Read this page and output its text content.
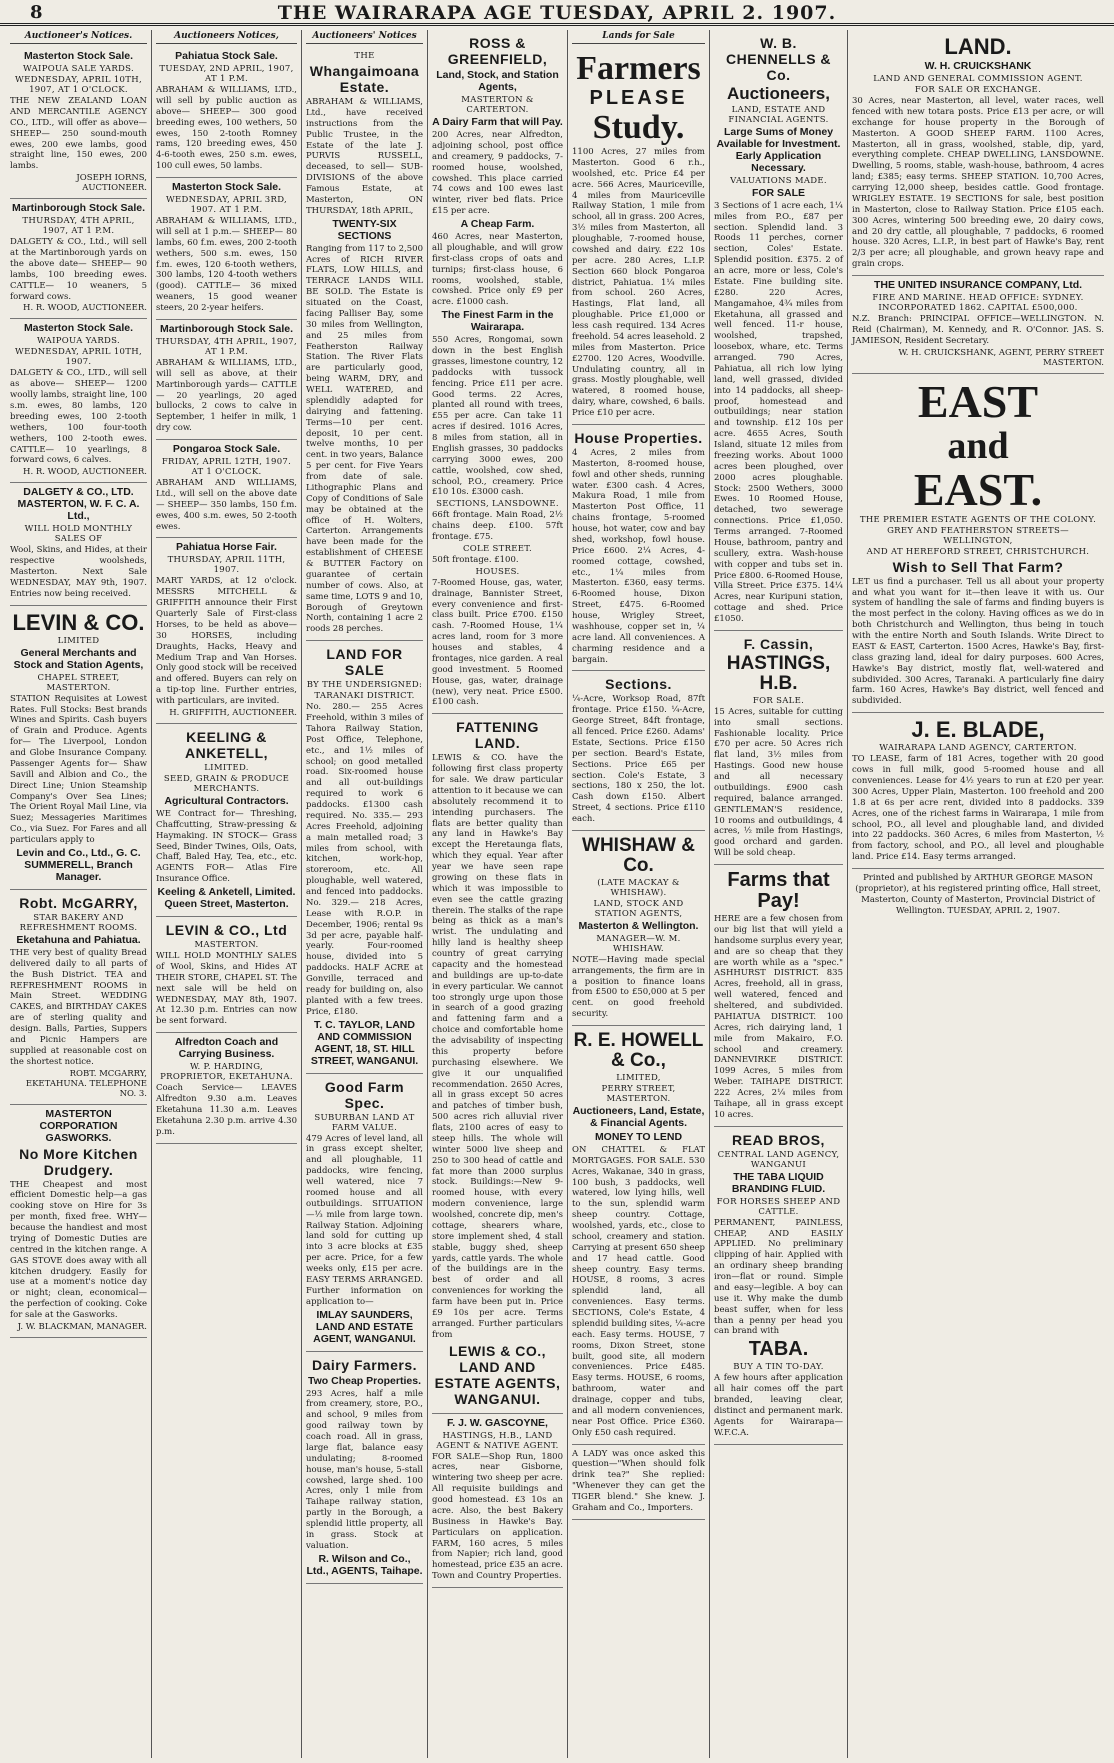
8	THE WAIRARAPA AGE TUESDAY, APRIL 2. 1907.
Auctioneer's Notices.
Masterton Stock Sale.
WAIPOUA SALE YARDS.
WEDNESDAY, APRIL 10TH, 1907, AT 1 O'CLOCK.

THE NEW ZEALAND LOAN AND MERCANTILE AGENCY CO., LTD., will offer as above— SHEEP— 250 sound-mouth ewes, 200 ewe lambs, good straight line, 150 ewes, 200 lambs.

JOSEPH IORNS, AUCTIONEER.
Martinborough Stock Sale.
THURSDAY, 4TH APRIL, 1907, AT 1 P.M.

DALGETY & CO., Ltd., will sell at the Martinborough yards on the above date— SHEEP— 90 lambs, 100 breeding ewes. CATTLE— 10 weaners, 5 forward cows.

H. R. WOOD, AUCTIONEER.
Masterton Stock Sale.
WAIPOUA YARDS.
WEDNESDAY, APRIL 10TH, 1907.

DALGETY & CO., LTD., will sell as above— SHEEP— 1200 woolly lambs, straight line, 100 s.m. ewes, 80 lambs, 120 breeding ewes, 100 2-tooth wethers, 100 four-tooth wethers, 100 2-tooth ewes. CATTLE— 10 yearlings, 8 forward cows, 6 calves.

H. R. WOOD, AUCTIONEER.
DALGETY & CO., LTD. MASTERTON, W. F. C. A. Ltd.,
WILL HOLD MONTHLY SALES OF

Wool, Skins, and Hides, at their respective woolsheds, Masterton. Next Sale WEDNESDAY, MAY 9th, 1907. Entries now being received.

LEVIN & CO.
LIMITED
General Merchants and Stock and Station Agents,
CHAPEL STREET, MASTERTON.

STATION Requisites at Lowest Rates. Full Stocks: Best brands Wines and Spirits. Cash buyers of Grain and Produce. Agents for— The Liverpool, London and Globe Insurance Company. Passenger Agents for— Shaw Savill and Albion and Co., the Direct Line; Union Steamship Company's Over Sea Lines; The Orient Royal Mail Line, via Suez; Messageries Maritimes Co., via Suez. For Fares and all particulars apply to

Levin and Co., Ltd., G. C. SUMMERELL, Branch Manager.
Robt. McGARRY,
STAR BAKERY AND REFRESHMENT ROOMS.
Eketahuna and Pahiatua.

THE very best of quality Bread delivered daily to all parts of the Bush District. TEA and REFRESHMENT ROOMS in Main Street. WEDDING CAKES, and BIRTHDAY CAKES are of sterling quality and design. Balls, Parties, Suppers and Picnic Hampers are supplied at reasonable cost on the shortest notice.

ROBT. MCGARRY, EKETAHUNA. TELEPHONE NO. 3.
MASTERTON CORPORATION GASWORKS.
No More Kitchen Drudgery.

THE Cheapest and most efficient Domestic help—a gas cooking stove on Hire for 3s per month, fixed free. WHY—because the handiest and most trying of Domestic Duties are centred in the kitchen range. A GAS STOVE does away with all kitchen drudgery. Easily for use at a moment's notice day or night; clean, economical—the perfection of cooking. Coke for sale at the Gasworks.

J. W. BLACKMAN, MANAGER.
Auctioneers Notices,
Pahiatua Stock Sale.
TUESDAY, 2ND APRIL, 1907, AT 1 P.M.

ABRAHAM & WILLIAMS, LTD., will sell by public auction as above— SHEEP— 300 good breeding ewes, 100 wethers, 50 ewes, 150 2-tooth Romney rams, 120 breeding ewes, 450 4-6-tooth ewes, 250 s.m. ewes, 100 cull ewes, 50 lambs.

Masterton Stock Sale.
WEDNESDAY, APRIL 3RD, 1907. AT 1 P.M.

ABRAHAM & WILLIAMS, LTD., will sell at 1 p.m.— SHEEP— 80 lambs, 60 f.m. ewes, 200 2-tooth wethers, 500 s.m. ewes, 150 f.m. ewes, 120 6-tooth wethers, 300 lambs, 120 4-tooth wethers (good). CATTLE— 36 mixed weaners, 15 good weaner steers, 20 2-year heifers.

Martinborough Stock Sale.
THURSDAY, 4TH APRIL, 1907, AT 1 P.M.

ABRAHAM & WILLIAMS, LTD., will sell as above, at their Martinborough yards— CATTLE— 20 yearlings, 20 aged bullocks, 2 cows to calve in September, 1 heifer in milk, 1 dry cow.

Pongaroa Stock Sale.
FRIDAY, APRIL 12TH, 1907. AT 1 O'CLOCK.

ABRAHAM AND WILLIAMS, Ltd., will sell on the above date— SHEEP— 350 lambs, 150 f.m. ewes, 400 s.m. ewes, 50 2-tooth ewes.

Pahiatua Horse Fair.
THURSDAY, APRIL 11TH, 1907.

MART YARDS, at 12 o'clock. MESSRS MITCHELL & GRIFFITH announce their First Quarterly Sale of First-class Horses, to be held as above— 30 HORSES, including Draughts, Hacks, Heavy and Medium Trap and Van Horses. Only good stock will be received and offered. Buyers can rely on a tip-top line. Further entries, with particulars, are invited.

H. GRIFFITH, AUCTIONEER.
KEELING & ANKETELL,
LIMITED.
SEED, GRAIN & PRODUCE MERCHANTS.
Agricultural Contractors.

WE Contract for— Threshing, Chaffcutting, Straw-pressing & Haymaking. IN STOCK— Grass Seed, Binder Twines, Oils, Oats, Chaff, Baled Hay, Tea, etc., etc. AGENTS FOR— Atlas Fire Insurance Office.

Keeling & Anketell, Limited. Queen Street, Masterton.
LEVIN & CO., Ltd
MASTERTON.

WILL HOLD MONTHLY SALES of Wool, Skins, and Hides AT THEIR STORE, CHAPEL ST. The next sale will be held on WEDNESDAY, MAY 8th, 1907. At 12.30 p.m. Entries can now be sent forward.

Alfredton Coach and Carrying Business.
W. P. HARDING, PROPRIETOR, EKETAHUNA.

Coach Service— LEAVES Alfredton 9.30 a.m. Leaves Eketahuna 11.30 a.m. Leaves Eketahuna 2.30 p.m. arrive 4.30 p.m.

Auctioneers' Notices
THE
Whangaimoana Estate.

ABRAHAM & WILLIAMS, Ltd., have received instructions from the Public Trustee, in the Estate of the late J. PURVIS RUSSELL, deceased, to sell— SUB-DIVISIONS of the above Famous Estate, at Masterton, ON THURSDAY, 18th APRIL,

TWENTY-SIX SECTIONS

Ranging from 117 to 2,500 Acres of RICH RIVER FLATS, LOW HILLS, and TERRACE LANDS WILL BE SOLD. The Estate is situated on the Coast, facing Palliser Bay, some 30 miles from Wellington, and 25 miles from Featherston Railway Station. The River Flats are particularly good, being WARM, DRY, and WELL WATERED, and splendidly adapted for dairying and fattening. Terms—10 per cent. deposit, 10 per cent. twelve months, 10 per cent. in two years, Balance 5 per cent. for Five Years from date of sale. Lithographic Plans and Copy of Conditions of Sale may be obtained at the office of H. Wolters, Carterton. Arrangements have been made for the establishment of CHEESE & BUTTER Factory on guarantee of certain number of cows. Also, at same time, LOTS 9 and 10, Borough of Greytown North, containing 1 acre 2 roods 28 perches.

LAND FOR SALE
BY THE UNDERSIGNED:
TARANAKI DISTRICT.

No. 280.— 255 Acres Freehold, within 3 miles of Tahora Railway Station, Post Office, Telephone, etc., and 1½ miles of school; on good metalled road. Six-roomed house and all out-buildings required to work 6 paddocks. £1300 cash required. No. 335.— 293 Acres Freehold, adjoining a main metalled road; 3 miles from school, with kitchen, work-hop, storeroom, etc. All ploughable, well watered, and fenced into paddocks. No. 329.— 218 Acres, Lease with R.O.P. in December, 1906; rental 9s 3d per acre, payable half-yearly. Four-roomed house, divided into 5 paddocks. HALF ACRE at Gonville, terraced and ready for building on, also planted with a few trees. Price, £180.

T. C. TAYLOR, LAND AND COMMISSION AGENT, 18, ST. HILL STREET, WANGANUI.
Good Farm Spec.
SUBURBAN LAND AT FARM VALUE.

479 Acres of level land, all in grass except shelter, and all ploughable, 11 paddocks, wire fencing, well watered, nice 7 roomed house and all outbuildings. SITUATION—⅓ mile from large town. Railway Station. Adjoining land sold for cutting up into 3 acre blocks at £35 per acre. Price, for a few weeks only, £15 per acre. EASY TERMS ARRANGED. Further information on application to—

IMLAY SAUNDERS, LAND AND ESTATE AGENT, WANGANUI.
Dairy Farmers.
Two Cheap Properties.

293 Acres, half a mile from creamery, store, P.O., and school, 9 miles from good railway town by coach road. All in grass, large flat, balance easy undulating; 8-roomed house, man's house, 5-stall cowshed, large shed. 100 Acres, only 1 mile from Taihape railway station, partly in the Borough, a splendid little property, all in grass. Stock at valuation.

R. Wilson and Co., Ltd., AGENTS, Taihape.
ROSS & GREENFIELD,
Land, Stock, and Station Agents,
MASTERTON & CARTERTON.
A Dairy Farm that will Pay.

200 Acres, near Alfredton, adjoining school, post office and creamery, 9 paddocks, 7-roomed house, woolshed, cowshed. This place carried 74 cows and 100 ewes last winter, river bed flats. Price £15 per acre.

A Cheap Farm.

460 Acres, near Masterton, all ploughable, and will grow first-class crops of oats and turnips; first-class house, 6 rooms, woolshed, stable, cowshed. Price only £9 per acre. £1000 cash.

The Finest Farm in the Wairarapa.

550 Acres, Rongomai, sown down in the best English grasses, limestone country, 12 paddocks with tussock fencing. Price £11 per acre. Good terms. 22 Acres, planted all round with trees, £55 per acre. Can take 11 acres if desired. 1016 Acres, 8 miles from station, all in English grasses, 30 paddocks carrying 3000 ewes, 200 cattle, woolshed, cow shed, school, P.O., creamery. Price £10 10s. £3000 cash.

SECTIONS, LANSDOWNE.

66ft frontage. Main Road, 2½ chains deep. £100. 57ft frontage. £75.

COLE STREET.

50ft frontage. £100.

HOUSES.

7-Roomed House, gas, water, drainage, Bannister Street, every convenience and first-class built. Price £700. £150 cash. 7-Roomed House, 1¼ acres land, room for 3 more houses and stables, 4 frontages, nice garden. A real good investment. 5 Roomed House, gas, water, drainage (new), very neat. Price £500. £100 cash.

FATTENING LAND.

LEWIS & CO. have the following first class property for sale. We draw particular attention to it because we can absolutely recommend it to intending purchasers. The flats are better quality than any land in Hawke's Bay except the Heretaunga flats, which they equal. Year after year we have seen rape growing on these flats in which it was impossible to even see the cattle grazing therein. The stalks of the rape being as thick as a man's wrist. The undulating and hilly land is healthy sheep country of great carrying capacity and the homestead and buildings are up-to-date in every particular. We cannot too strongly urge upon those in search of a good grazing and fattening farm and a choice and comfortable home the advisability of inspecting this property before purchasing elsewhere. We give it our unqualified recommendation. 2650 Acres, all in grass except 50 acres and patches of timber bush, 500 acres rich alluvial river flats, 2100 acres of easy to steep hills. The whole will winter 5000 live sheep and 250 to 300 head of cattle and fat more than 2000 surplus stock. Buildings:—New 9-roomed house, with every modern convenience, large woolshed, concrete dip, men's cottage, shearers whare, store implement shed, 4 stall stable, buggy shed, sheep yards, cattle yards. The whole of the buildings are in the best of order and all conveniences for working the farm have been put in. Price £9 10s per acre. Terms arranged. Further particulars from

LEWIS & CO., LAND AND ESTATE AGENTS, WANGANUI.
F. J. W. GASCOYNE,
HASTINGS, H.B., LAND AGENT & NATIVE AGENT.

FOR SALE—Shop Run, 1800 acres, near Gisborne, wintering two sheep per acre. All requisite buildings and good homestead. £3 10s an acre. Also, the best Bakery Business in Hawke's Bay. Particulars on application. FARM, 160 acres, 5 miles from Napier; rich land, good homestead, price £35 an acre. Town and Country Properties.

Lands for Sale
Farmers
PLEASE
Study.

1100 Acres, 27 miles from Masterton. Good 6 r.h., woolshed, etc. Price £4 per acre. 566 Acres, Mauriceville, 4 miles from Mauriceville Railway Station, 1 mile from school, all in grass. 200 Acres, 3½ miles from Masterton, all ploughable, 7-roomed house, cowshed and dairy. £22 10s per acre. 280 Acres, L.I.P. Section 660 block Pongaroa district, Pahiatua. 1¼ miles from school. 260 Acres, Hastings, Flat land, all ploughable. Price £1,000 or less cash required. 134 Acres freehold. 54 acres leasehold. 2 miles from Masterton. Price £2700. 120 Acres, Woodville. Undulating country, all in grass. Mostly ploughable, well watered, 8 roomed house, dairy, whare, cowshed, 6 bails. Price £10 per acre.

House Properties.

4 Acres, 2 miles from Masterton, 8-roomed house, fowl and other sheds, running water. £300 cash. 4 Acres, Makura Road, 1 mile from Masterton Post Office, 11 chains frontage, 5-roomed house, hot water, cow and bay shed, workshop, fowl house. Price £600. 2¼ Acres, 4-roomed cottage, cowshed, etc., 1¼ miles from Masterton. £360, easy terms. 6-Roomed house, Dixon Street, £475. 6-Roomed house, Wrigley Street, washhouse, copper set in, ¼ acre land. All conveniences. A charming residence and a bargain.

Sections.

¼-Acre, Worksop Road, 87ft frontage. Price £150. ¼-Acre, George Street, 84ft frontage, all fenced. Price £260. Adams' Estate, Sections. Price £150 per section. Beard's Estate, Sections. Price £65 per section. Cole's Estate, 3 sections, 180 x 250, the lot. Cash down £150. Albert Street, 4 sections. Price £110 each.

WHISHAW & Co.
(LATE MACKAY & WHISHAW).
LAND, STOCK AND STATION AGENTS,
Masterton & Wellington.
MANAGER—W. M. WHISHAW.

NOTE—Having made special arrangements, the firm are in a position to finance loans from £500 to £50,000 at 5 per cent. on good freehold security.

R. E. HOWELL & Co.,
LIMITED,
PERRY STREET, MASTERTON.
Auctioneers, Land, Estate, & Financial Agents.
MONEY TO LEND

ON CHATTEL & FLAT MORTGAGES. FOR SALE. 530 Acres, Wakanae, 340 in grass, 100 bush, 3 paddocks, well watered, low lying hills, well to the sun, splendid warm sheep country. Cottage, woolshed, yards, etc., close to school, creamery and station. Carrying at present 650 sheep and 17 head cattle. Good sheep country. Easy terms. HOUSE, 8 rooms, 3 acres splendid land, all conveniences. Easy terms. SECTIONS, Cole's Estate, 4 splendid building sites, ¼-acre each. Easy terms. HOUSE, 7 rooms, Dixon Street, stone built, good site, all modern conveniences. Price £485. Easy terms. HOUSE, 6 rooms, bathroom, water and drainage, copper and tubs, and all modern conveniences, near Post Office. Price £360. Only £50 cash required.

A LADY was once asked this question—"When should folk drink tea?" She replied: "Whenever they can get the TIGER blend." She knew. J. Graham and Co., Importers.

W. B. CHENNELLS & Co.
Auctioneers,
LAND, ESTATE AND FINANCIAL AGENTS.
Large Sums of Money Available for Investment. Early Application Necessary.
VALUATIONS MADE.
FOR SALE

3 Sections of 1 acre each, 1¼ miles from P.O., £87 per section. Splendid land. 3 Roods 11 perches, corner section, Coles' Estate. Splendid position. £375. 2 of an acre, more or less, Cole's Estate. Fine building site. £280. 220 Acres, Mangamahoe, 4¾ miles from Eketahuna, all grassed and well fenced. 11-r house, woolshed, trapshed, loosebox, whare, etc. Terms arranged. 790 Acres, Pahiatua, all rich low lying land, well grassed, divided into 14 paddocks, all sheep-proof, homestead and outbuildings; near station and township. £12 10s per acre. 4655 Acres, South Island, situate 12 miles from freezing works. About 1000 acres been ploughed, over 2000 acres ploughable. Stock: 2500 Wethers, 3000 Ewes. 10 Roomed House, detached, two sewerage connections. Price £1,050. Terms arranged. 7-Roomed House, bathroom, pantry and scullery, extra. Wash-house with copper and tubs set in. Price £800. 6-Roomed House, Villa Street. Price £375. 14¼ Acres, near Kuripuni station, cottage and shed. Price £1050.

F. Cassin,
HASTINGS, H.B.
FOR SALE.

15 Acres, suitable for cutting into small sections. Fashionable locality. Price £70 per acre. 50 Acres rich flat land, 3½ miles from Hastings. Good new house and all necessary outbuildings. £900 cash required, balance arranged. GENTLEMAN'S residence, 10 rooms and outbuildings, 4 acres, ½ mile from Hastings, good orchard and garden. Will be sold cheap.

Farms that Pay!

HERE are a few chosen from our big list that will yield a handsome surplus every year, and are so cheap that they are worth while as a "spec." ASHHURST DISTRICT. 835 Acres, freehold, all in grass, well watered, fenced and sheltered, and subdivided. PAHIATUA DISTRICT. 100 Acres, rich dairying land, 1 mile from Makairo, F.O. school and creamery. DANNEVIRKE DISTRICT. 1099 Acres, 5 miles from Weber. TAIHAPE DISTRICT. 222 Acres, 2¼ miles from Taihape, all in grass except 10 acres.

READ BROS,
CENTRAL LAND AGENCY, WANGANUI
THE TABA LIQUID BRANDING FLUID.
FOR HORSES SHEEP AND CATTLE.

PERMANENT, PAINLESS, CHEAP, AND EASILY APPLIED. No preliminary clipping of hair. Applied with an ordinary sheep branding iron—flat or round. Simple and easy—legible. A boy can use it. Why make the dumb beast suffer, when for less than a penny per head you can brand with

TABA.
BUY A TIN TO-DAY.

A few hours after application all hair comes off the part branded, leaving clear, distinct and permanent mark. Agents for Wairarapa—W.F.C.A.

LAND.
W. H. CRUICKSHANK
LAND AND GENERAL COMMISSION AGENT.
FOR SALE OR EXCHANGE.

30 Acres, near Masterton, all level, water races, well fenced with new totara posts. Price £13 per acre, or will exchange for house property in the Borough of Masterton. A GOOD SHEEP FARM. 1100 Acres, Masterton, all in grass, woolshed, stable, dip, yard, everything complete. CHEAP DWELLING, LANSDOWNE. Dwelling, 5 rooms, stable, wash-house, bathroom, 4 acres land; £385; easy terms. SHEEP STATION. 10,700 Acres, carrying 12,000 sheep, besides cattle. Good frontage. WRIGLEY ESTATE. 19 SECTIONS for sale, best position in Masterton, close to Railway Station. Price £105 each. 300 Acres, wintering 500 breeding ewe, 20 dairy cows, and 20 dry cattle, all ploughable, 7 paddocks, 6 roomed house. 320 Acres, L.I.P., in best part of Hawke's Bay, rent 2/3 per acre; all ploughable, and grown heavy rape and grain crops.

THE UNITED INSURANCE COMPANY, Ltd.
FIRE AND MARINE. HEAD OFFICE: SYDNEY. INCORPORATED 1862. CAPITAL £500,000.

N.Z. Branch: PRINCIPAL OFFICE—WELLINGTON. N. Reid (Chairman), M. Kennedy, and R. O'Connor. JAS. S. JAMIESON, Resident Secretary.

W. H. CRUICKSHANK, AGENT, PERRY STREET MASTERTON.
EAST
and
EAST.
THE PREMIER ESTATE AGENTS OF THE COLONY.
GREY AND FEATHERSTON STREETS— WELLINGTON,
AND AT HEREFORD STREET, CHRISTCHURCH.
Wish to Sell That Farm?

LET us find a purchaser. Tell us all about your property and what you want for it—then leave it with us. Our system of handling the sale of farms and finding buyers is the most perfect in the colony. Having offices as we do in both Christchurch and Wellington, thus being in touch with the entire North and South Islands. Write Direct to EAST & EAST, Carterton. 1500 Acres, Hawke's Bay, first-class grazing land, ideal for dairy purposes. 600 Acres, Hawke's Bay district, mostly flat, well-watered and subdivided. 300 Acres, Taranaki. A particularly fine dairy farm. 160 Acres, Hawke's Bay district, well fenced and subdivided.

J. E. BLADE,
WAIRARAPA LAND AGENCY, CARTERTON.

TO LEASE, farm of 181 Acres, together with 20 good cows in full milk, good 5-roomed house and all conveniences. Lease for 4½ years to run at £20 per year. 300 Acres, Upper Plain, Masterton. 100 freehold and 200 1.8 at 6s per acre rent, divided into 8 paddocks. 339 Acres, one of the richest farms in Wairarapa, 1 mile from school, P.O., all level and ploughable land, and divided into 22 paddocks. 360 Acres, 6 miles from Masterton, ½ from factory, school, and P.O., all level and ploughable land. Price £14. Easy terms arranged.

Printed and published by ARTHUR GEORGE MASON (proprietor), at his registered printing office, Hall street, Masterton, County of Masterton, Provincial District of Wellington. TUESDAY, APRIL 2, 1907.
